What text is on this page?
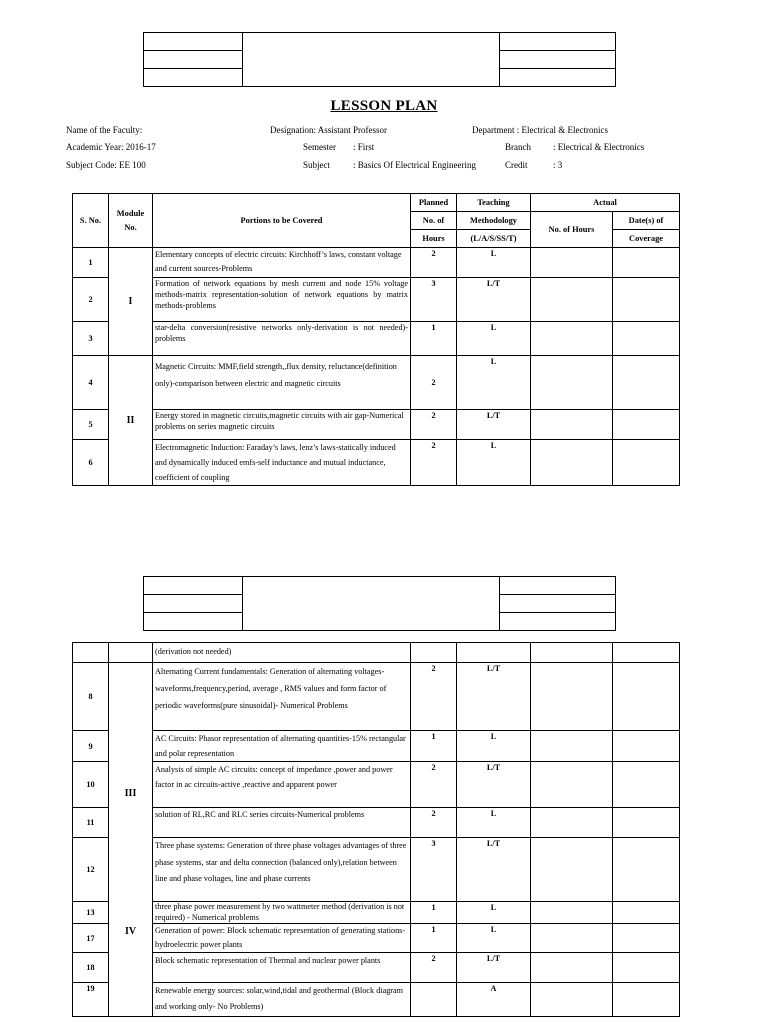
LESSON PLAN
Name of the Faculty:	Designation: Assistant Professor	Department : Electrical & Electronics
Academic Year: 2016-17	Semester : First	Branch : Electrical & Electronics
Subject Code: EE 100	Subject	: Basics Of Electrical Engineering	Credit	: 3
S. No.	Module No.	Portions to be Covered	Planned	Teaching	Actual	
			No. of	Methodology	No. of Hours	Date(s) of
			Hours	(L/A/S/SS/T)		Coverage
1	I	Elementary concepts of electric circuits: Kirchhoff’s laws, constant voltage and current sources-Problems	2	L		
2		Formation of network equations by mesh current and node 15% voltage methods-matrix representation-solution of network equations by matrix methods-problems	3	L/T		
3		star-delta conversion(resistive networks only-derivation is not needed)-problems	1	L		
4	II	Magnetic Circuits: MMF,field strength,,flux density, reluctance(definition only)-comparison between electric and magnetic circuits	2	L		
5		Energy stored in magnetic circuits,magnetic circuits with air gap-Numerical problems on series magnetic circuits	2	L/T		
6		Electromagnetic Induction: Faraday’s laws, lenz’s laws-statically induced and dynamically induced emfs-self inductance and mutual inductance, coefficient of coupling	2	L		

		(derivation not needed)				
8	III	Alternating Current fundamentals: Generation of alternating voltages-waveforms,frequency,period, average , RMS values and form factor of periodic waveforms(pure sinusoidal)- Numerical Problems	2	L/T		
9		AC Circuits: Phasor representation of alternating quantities-15% rectangular and polar representation	1	L		
10		Analysis of simple AC circuits: concept of impedance ,power and power factor in ac circuits-active ,reactive and apparent power	2	L/T		
11		solution of RL,RC and RLC series circuits-Numerical problems	2	L		
12		Three phase systems: Generation of three phase voltages advantages of three phase systems, star and delta connection (balanced only),relation between line and phase voltages, line and phase currents	3	L/T		
13		three phase power measurement by two wattmeter method (derivation is not required) - Numerical problems	1	L		
17	IV	Generation of power: Block schematic representation of generating stations- hydroelectric power plants	1	L		
18		Block schematic representation of Thermal and nuclear power plants	2	L/T		
19		Renewable energy sources: solar,wind,tidal and geothermal (Block diagram and working only- No Problems)		A		
